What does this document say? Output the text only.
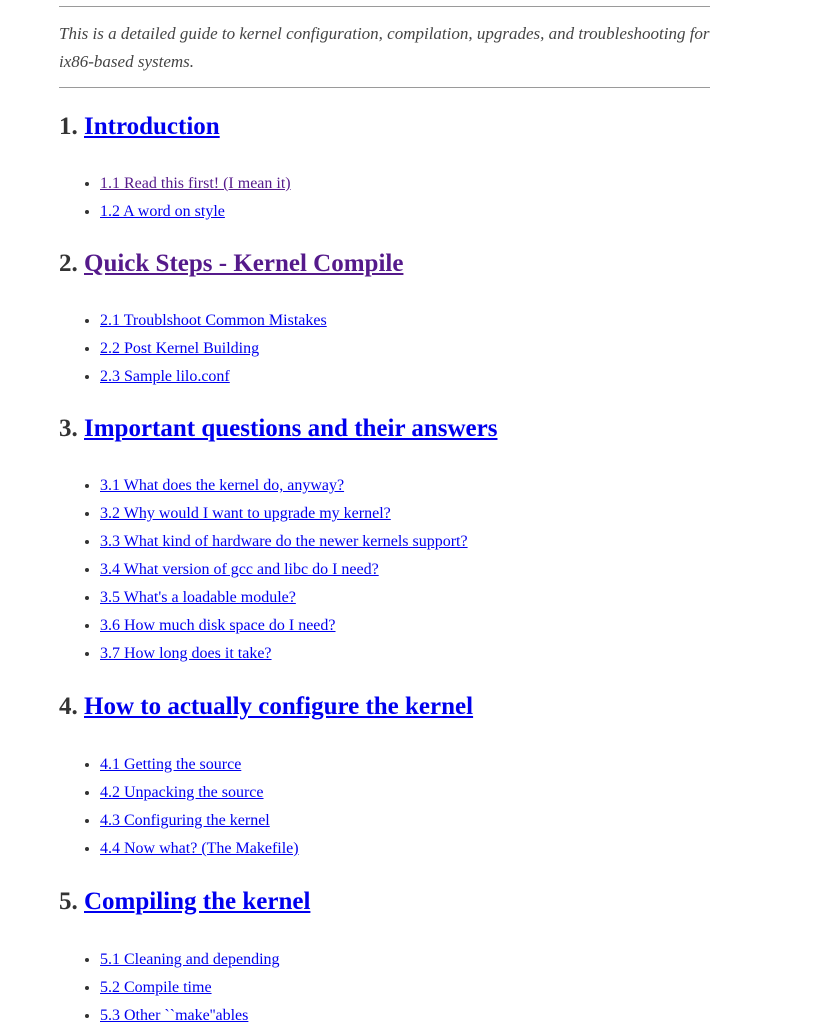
This is a detailed guide to kernel configuration, compilation, upgrades, and troubleshooting for ix86-based systems.

1. Introduction
• 1.1 Read this first! (I mean it)
• 1.2 A word on style
2. Quick Steps - Kernel Compile
• 2.1 Troublshoot Common Mistakes
• 2.2 Post Kernel Building
• 2.3 Sample lilo.conf
3. Important questions and their answers
• 3.1 What does the kernel do, anyway?
• 3.2 Why would I want to upgrade my kernel?
• 3.3 What kind of hardware do the newer kernels support?
• 3.4 What version of gcc and libc do I need?
• 3.5 What's a loadable module?
• 3.6 How much disk space do I need?
• 3.7 How long does it take?
4. How to actually configure the kernel
• 4.1 Getting the source
• 4.2 Unpacking the source
• 4.3 Configuring the kernel
• 4.4 Now what? (The Makefile)
5. Compiling the kernel
• 5.1 Cleaning and depending
• 5.2 Compile time
• 5.3 Other ``make''ables
